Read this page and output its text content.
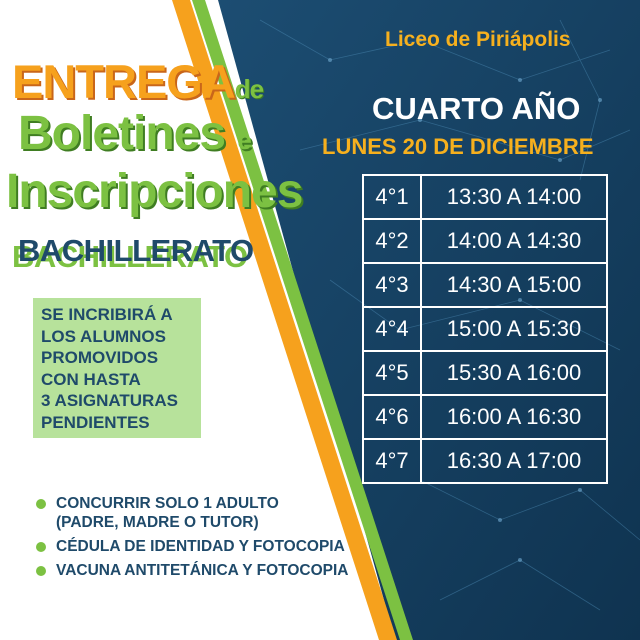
Liceo de Piriápolis
ENTREGAde
Boletines e
Inscripciones
BACHILLERATO
SE INCRIBIRÁ A
LOS ALUMNOS
PROMOVIDOS
CON HASTA
3 ASIGNATURAS
PENDIENTES
CONCURRIR SOLO 1 ADULTO
(PADRE, MADRE O TUTOR)
CÉDULA DE IDENTIDAD Y FOTOCOPIA
VACUNA ANTITETÁNICA Y FOTOCOPIA
CUARTO AÑO
LUNES 20 DE DICIEMBRE
4°1	13:30 A 14:00
4°2	14:00 A 14:30
4°3	14:30 A 15:00
4°4	15:00 A 15:30
4°5	15:30 A 16:00
4°6	16:00 A 16:30
4°7	16:30 A 17:00
